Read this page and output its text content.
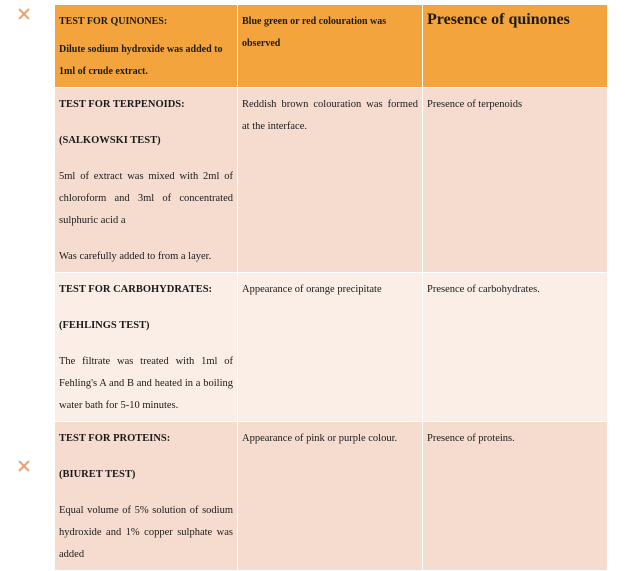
TEST FOR QUINONES:
Dilute sodium hydroxide was added to 1ml of crude extract.	Blue green or red colouration was observed	Presence of quinones

TEST FOR TERPENOIDS:
(SALKOWSKI TEST)
5ml of extract was mixed with 2ml of chloroform and 3ml of concentrated sulphuric acid a
Was carefully added to from a layer.	Reddish brown colouration was formed at the interface.	Presence of terpenoids

TEST FOR CARBOHYDRATES:
(FEHLINGS TEST)
The filtrate was treated with 1ml of Fehling's A and B and heated in a boiling water bath for 5-10 minutes.	Appearance of orange precipitate	Presence of carbohydrates.

TEST FOR PROTEINS:
(BIURET TEST)
Equal volume of 5% solution of sodium hydroxide and 1% copper sulphate was added	Appearance of pink or purple colour.	Presence of proteins.
